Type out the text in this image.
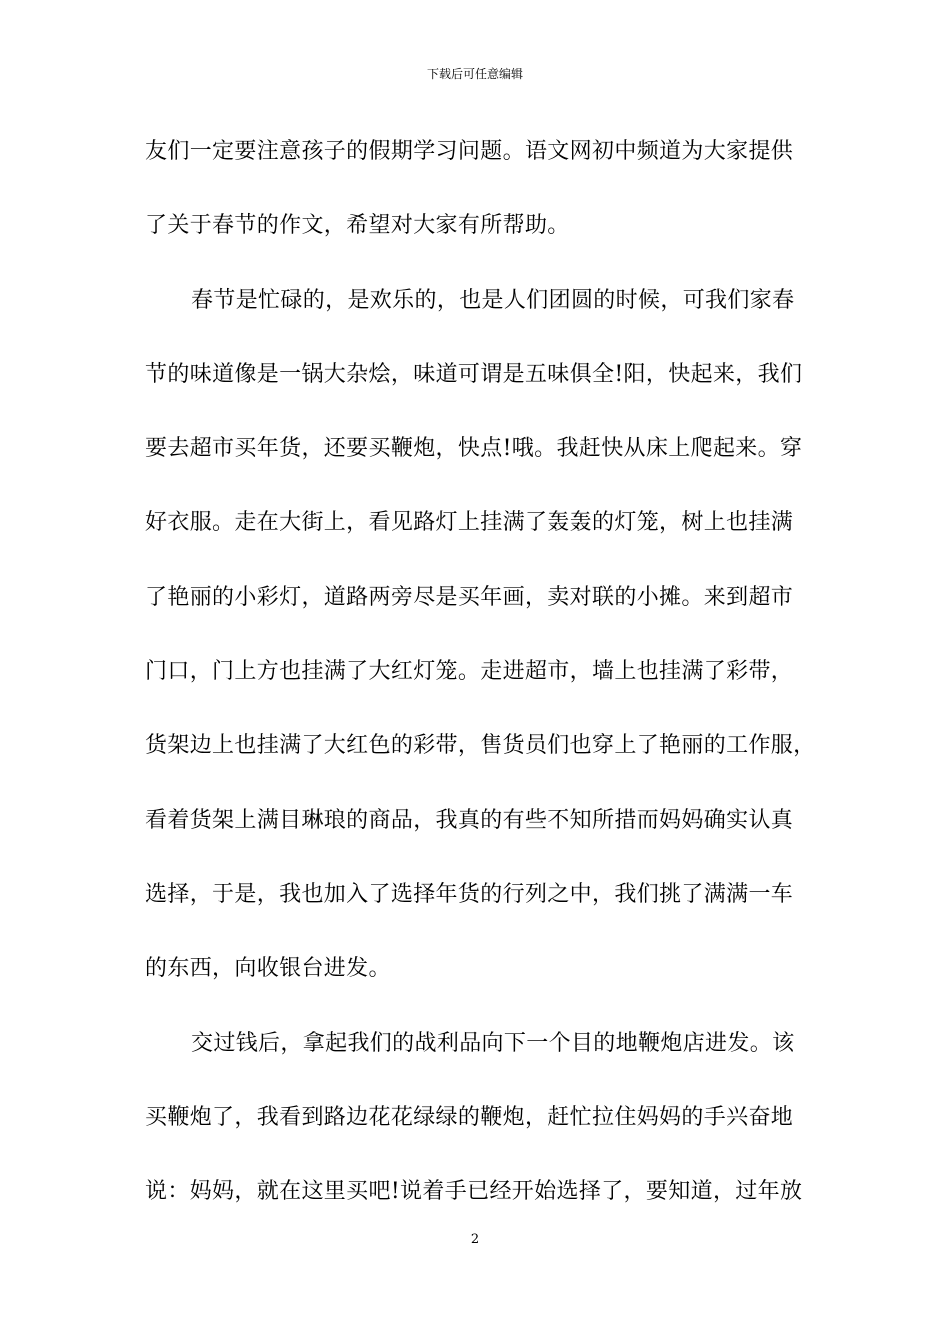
下载后可任意编辑
友们一定要注意孩子的假期学习问题。语文网初中频道为大家提供
了关于春节的作文，希望对大家有所帮助。
春节是忙碌的，是欢乐的，也是人们团圆的时候，可我们家春
节的味道像是一锅大杂烩，味道可谓是五味俱全!阳，快起来，我们
要去超市买年货，还要买鞭炮，快点!哦。我赶快从床上爬起来。穿
好衣服。走在大街上，看见路灯上挂满了轰轰的灯笼，树上也挂满
了艳丽的小彩灯，道路两旁尽是买年画，卖对联的小摊。来到超市
门口，门上方也挂满了大红灯笼。走进超市，墙上也挂满了彩带，
货架边上也挂满了大红色的彩带，售货员们也穿上了艳丽的工作服，
看着货架上满目琳琅的商品，我真的有些不知所措而妈妈确实认真
选择，于是，我也加入了选择年货的行列之中，我们挑了满满一车
的东西，向收银台进发。
交过钱后，拿起我们的战利品向下一个目的地鞭炮店进发。该
买鞭炮了，我看到路边花花绿绿的鞭炮，赶忙拉住妈妈的手兴奋地
说：妈妈，就在这里买吧!说着手已经开始选择了，要知道，过年放
2
